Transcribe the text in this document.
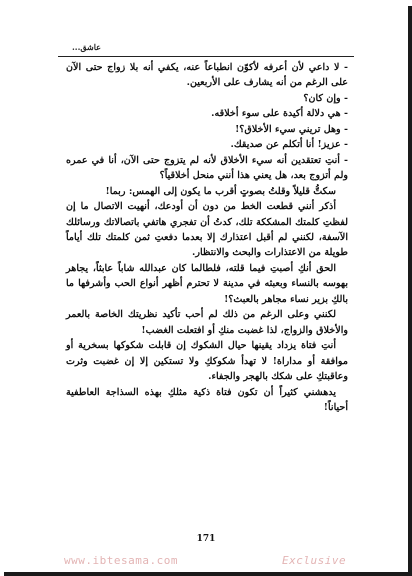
عاشق...

- لا داعي لأن أعرفه لأكوّن انطباعاً عنه، يكفي أنه بلا زواج حتى الآن على الرغم من أنه يشارف على الأربعين.

- وإن كان؟

- هي دلالة أكيدة على سوء أخلاقه.

- وهل تريني سيء الأخلاق؟!

- عزيز! أنا أتكلم عن صديقك.

- أنتِ تعتقدين أنه سيء الأخلاق لأنه لم يتزوج حتى الآن، أنا في عمره ولم أتزوج بعد، هل يعني هذا أنني منحل أخلاقياً؟

سكتُّ قليلاً وقلتُ بصوتٍ أقرب ما يكون إلى الهمس: ربما!

أذكر أنني قطعت الخط من دون أن أودعك، أنهيت الاتصال ما إن لفظتِ كلمتك المشككة تلك، كدتُ أن تفجري هاتفي باتصالاتك ورسائلك الآسفة، لكنني لم أقبل اعتذارك إلا بعدما دفعتِ ثمن كلمتك تلك أياماً طويلة من الاعتذارات والبحث والانتظار.

الحق أنكِ أصبتِ فيما قلته، فلطالما كان عبدالله شاباً عابثاً، يجاهر بهوسه بالنساء وبعبثه في مدينة لا تحترم أظهر أنواع الحب وأشرفها ما بالكِ بزير نساء مجاهر بالعبث؟!

لكنني وعلى الرغم من ذلك لم أحب تأكيد نظريتك الخاصة بالعمر والأخلاق والزواج، لذا غضبت منكِ أو افتعلت الغضب!

أنتِ فتاة يزداد يقينها حيال الشكوك إن قابلت شكوكها بسخرية أو موافقة أو مداراة! لا تهدأ شكوككِ ولا تستكين إلا إن غضبت وثرت وعاقبتكِ على شكك بالهجر والجفاء.

يدهشني كثيراً أن تكون فتاة ذكية مثلكِ بهذه السذاجة العاطفية أحياناً!

171
www.ibtesama.com	Exclusive
